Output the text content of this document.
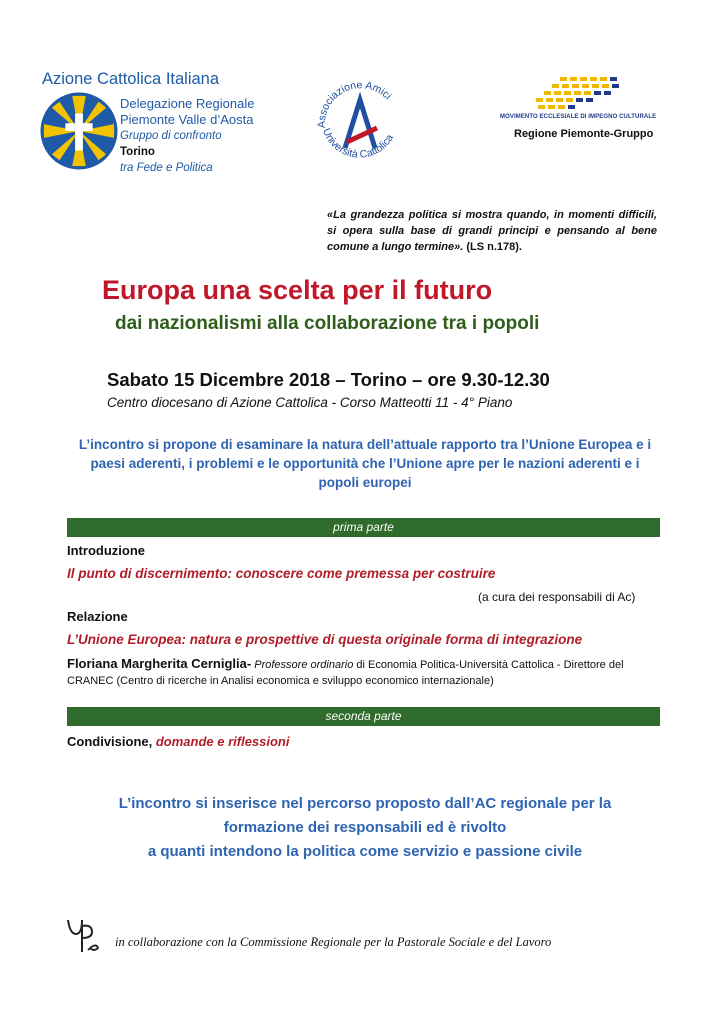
Azione Cattolica Italiana
Delegazione Regionale
Piemonte Valle d’Aosta
Gruppo di confronto
Torino
tra Fede e Politica
Associazione Amici
Università Cattolica
MOVIMENTO ECCLESIALE DI IMPEGNO CULTURALE
Regione Piemonte-Gruppo
«La grandezza politica si mostra quando, in momenti difficili, si opera sulla base di grandi principi e pensando al bene comune a lungo termine». (LS n.178).
Europa una scelta per il futuro
dai nazionalismi alla collaborazione tra i popoli
Sabato 15 Dicembre 2018 – Torino – ore 9.30-12.30
Centro diocesano di Azione Cattolica - Corso Matteotti 11 - 4° Piano
L’incontro si propone di esaminare la natura dell’attuale rapporto tra l’Unione Europea e i paesi aderenti, i problemi e le opportunità che l’Unione apre per le nazioni aderenti e i popoli europei
prima parte
Introduzione
Il punto di discernimento: conoscere come premessa per costruire
(a cura dei responsabili di Ac)
Relazione
L’Unione Europea: natura e prospettive di questa originale forma di integrazione
Floriana Margherita Cerniglia- Professore ordinario di Economia Politica-Università Cattolica - Direttore del CRANEC (Centro di ricerche in Analisi economica e sviluppo economico internazionale)
seconda parte
Condivisione, domande e riflessioni
L’incontro si inserisce nel percorso proposto dall’AC regionale per la
formazione dei responsabili ed è rivolto
a quanti intendono la politica come servizio e passione civile
in collaborazione con la Commissione Regionale per la Pastorale Sociale e del Lavoro
